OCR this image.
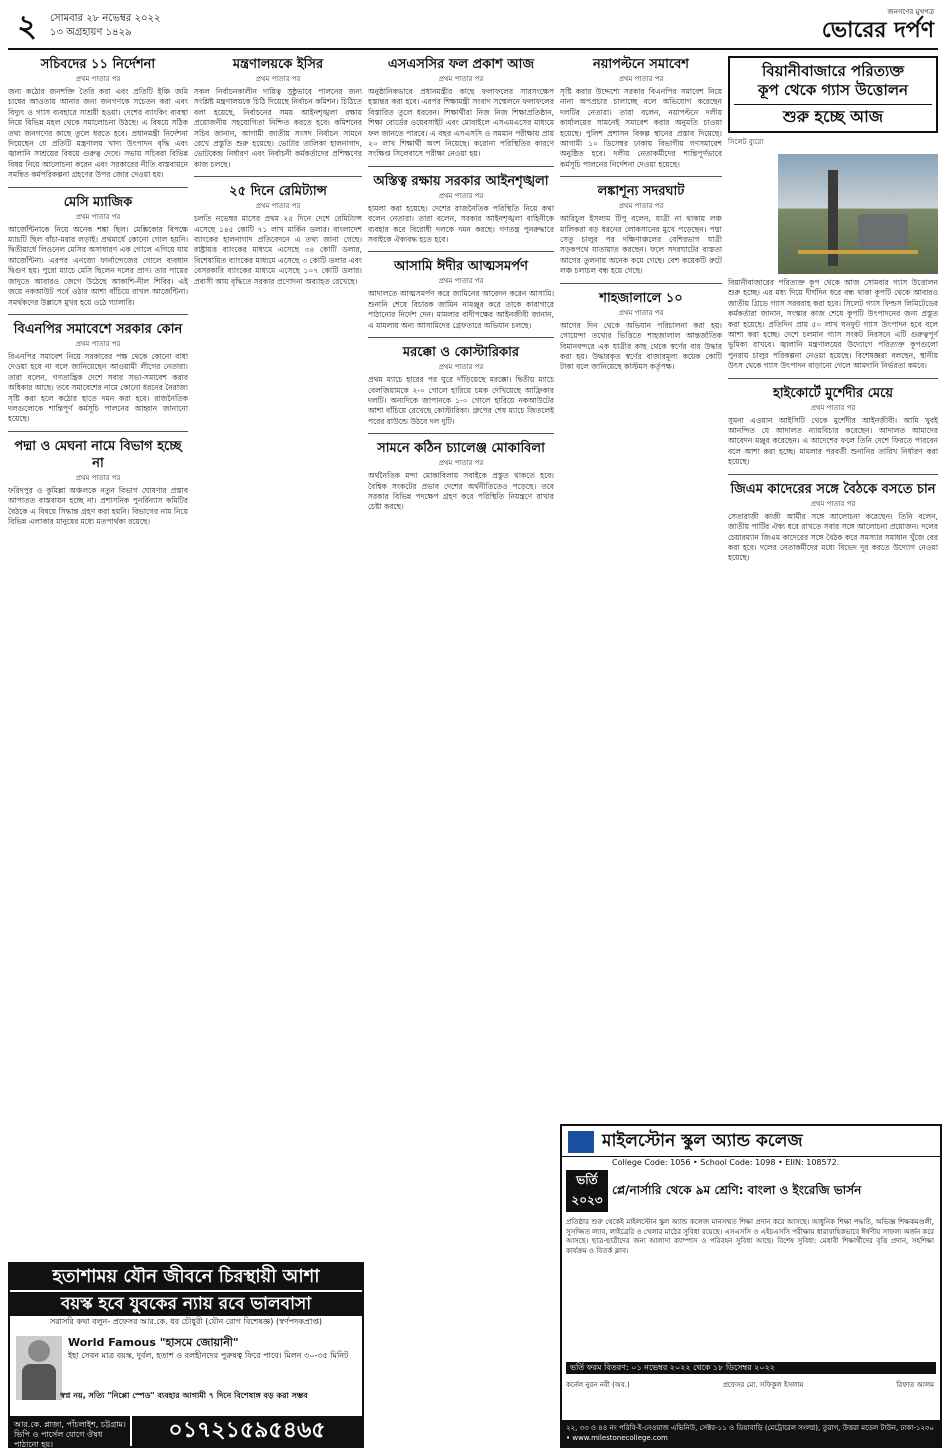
২	সোমবার ২৮ নভেম্বর ২০২২
১৩ অগ্রহায়ণ ১৪২৯
জনগণের মুখপত্র
ভোরের দর্পণ
সচিবদের ১১ নির্দেশনা
প্রথম পাতার পর

জন্য কঠোর জনশক্তি তৈরি করা এবং প্রতিটি ইঞ্চি জমি চাষের আওতায় আনার জন্য জনগণকে সচেতন করা এবং বিদ্যুৎ ও গ্যাস ব্যবহারে সাশ্রয়ী হওয়া। দেশের ব্যাংকিং ব্যবস্থা নিয়ে বিভিন্ন মহল থেকে সমালোচনা উঠছে। এ বিষয়ে সঠিক তথ্য জনগণের কাছে তুলে ধরতে হবে। প্রধানমন্ত্রী নির্দেশনা দিয়েছেন যে প্রতিটি মন্ত্রণালয় খাদ্য উৎপাদন বৃদ্ধি এবং জ্বালানি সাশ্রয়ের বিষয়ে গুরুত্ব দেবে। সভায় সচিবরা বিভিন্ন বিষয় নিয়ে আলোচনা করেন এবং সরকারের নীতি বাস্তবায়নে সমন্বিত কর্মপরিকল্পনা গ্রহণের উপর জোর দেওয়া হয়।

মেসি ম্যাজিক
প্রথম পাতার পর

আর্জেন্টিনাকে নিয়ে অনেক শঙ্কা ছিল। মেক্সিকোর বিপক্ষে ম্যাচটি ছিল বাঁচা-মরার লড়াই। প্রথমার্ধে কোনো গোল হয়নি। দ্বিতীয়ার্ধে লিওনেল মেসির অসাধারণ এক গোলে এগিয়ে যায় আর্জেন্টিনা। এরপর এনজো ফার্নান্দেজের গোলে ব্যবধান দ্বিগুণ হয়। পুরো ম্যাচে মেসি ছিলেন দলের প্রাণ। তার পায়ের জাদুতে আবারও জেগে উঠেছে আকাশি-নীল শিবির। এই জয়ে নকআউট পর্বে ওঠার আশা বাঁচিয়ে রাখল আর্জেন্টিনা। সমর্থকদের উল্লাসে মুখর হয়ে ওঠে গ্যালারি।

বিএনপির সমাবেশে সরকার কোন
প্রথম পাতার পর

বিএনপির সমাবেশ নিয়ে সরকারের পক্ষ থেকে কোনো বাধা দেওয়া হবে না বলে জানিয়েছেন আওয়ামী লীগের নেতারা। তারা বলেন, গণতান্ত্রিক দেশে সবার সভা-সমাবেশ করার অধিকার আছে। তবে সমাবেশের নামে কোনো ধরনের নৈরাজ্য সৃষ্টি করা হলে কঠোর হাতে দমন করা হবে। রাজনৈতিক দলগুলোকে শান্তিপূর্ণ কর্মসূচি পালনের আহ্বান জানানো হয়েছে।

পদ্মা ও মেঘনা নামে বিভাগ হচ্ছে না
প্রথম পাতার পর

ফরিদপুর ও কুমিল্লা অঞ্চলকে নতুন বিভাগ ঘোষণার প্রস্তাব আপাতত বাস্তবায়ন হচ্ছে না। প্রশাসনিক পুনর্বিন্যাস কমিটির বৈঠকে এ বিষয়ে সিদ্ধান্ত গ্রহণ করা হয়নি। বিভাগের নাম নিয়ে বিভিন্ন এলাকার মানুষের মধ্যে মতপার্থক্য রয়েছে।

মন্ত্রণালয়কে ইসির
প্রথম পাতার পর

সকল নির্বাচনকালীন দায়িত্ব সুষ্ঠুভাবে পালনের জন্য সংশ্লিষ্ট মন্ত্রণালয়কে চিঠি দিয়েছে নির্বাচন কমিশন। চিঠিতে বলা হয়েছে, নির্বাচনের সময় আইনশৃঙ্খলা রক্ষায় প্রয়োজনীয় সহযোগিতা নিশ্চিত করতে হবে। কমিশনের সচিব জানান, আগামী জাতীয় সংসদ নির্বাচন সামনে রেখে প্রস্তুতি শুরু হয়েছে। ভোটার তালিকা হালনাগাদ, ভোটকেন্দ্র নির্ধারণ এবং নির্বাচনী কর্মকর্তাদের প্রশিক্ষণের কাজ চলছে।

২৫ দিনে রেমিট্যান্স
প্রথম পাতার পর

চলতি নভেম্বর মাসের প্রথম ২৫ দিনে দেশে রেমিট্যান্স এসেছে ১৪৫ কোটি ৭১ লাখ মার্কিন ডলার। বাংলাদেশ ব্যাংকের হালনাগাদ প্রতিবেদনে এ তথ্য জানা গেছে। রাষ্ট্রায়ত্ত ব্যাংকের মাধ্যমে এসেছে ৩৪ কোটি ডলার, বিশেষায়িত ব্যাংকের মাধ্যমে এসেছে ৩ কোটি ডলার এবং বেসরকারি ব্যাংকের মাধ্যমে এসেছে ১০৭ কোটি ডলার। প্রবাসী আয় বৃদ্ধিতে সরকার প্রণোদনা অব্যাহত রেখেছে।

এসএসসির ফল প্রকাশ আজ
প্রথম পাতার পর

অনুষ্ঠানিকভাবে প্রধানমন্ত্রীর কাছে ফলাফলের সারসংক্ষেপ হস্তান্তর করা হবে। এরপর শিক্ষামন্ত্রী সংবাদ সম্মেলনে ফলাফলের বিস্তারিত তুলে ধরবেন। শিক্ষার্থীরা নিজ নিজ শিক্ষাপ্রতিষ্ঠান, শিক্ষা বোর্ডের ওয়েবসাইট এবং মোবাইলে এসএমএসের মাধ্যমে ফল জানতে পারবে। এ বছর এসএসসি ও সমমান পরীক্ষায় প্রায় ২০ লাখ শিক্ষার্থী অংশ নিয়েছে। করোনা পরিস্থিতির কারণে সংক্ষিপ্ত সিলেবাসে পরীক্ষা নেওয়া হয়।

অস্তিত্ব রক্ষায় সরকার আইনশৃঙ্খলা
প্রথম পাতার পর

হামলা করা হয়েছে। দেশের রাজনৈতিক পরিস্থিতি নিয়ে কথা বলেন নেতারা। তারা বলেন, সরকার আইনশৃঙ্খলা বাহিনীকে ব্যবহার করে বিরোধী দলকে দমন করছে। গণতন্ত্র পুনরুদ্ধারে সবাইকে ঐক্যবদ্ধ হতে হবে।

আসামি ঈদীর আত্মসমর্পণ
প্রথম পাতার পর

আদালতে আত্মসমর্পণ করে জামিনের আবেদন করেন আসামি। শুনানি শেষে বিচারক জামিন নামঞ্জুর করে তাকে কারাগারে পাঠানোর নির্দেশ দেন। মামলার বাদীপক্ষের আইনজীবী জানান, এ মামলায় অন্য আসামিদের গ্রেফতারে অভিযান চলছে।

মরক্কো ও কোস্টারিকার
প্রথম পাতার পর

প্রথম ম্যাচে হারের পর ঘুরে দাঁড়িয়েছে মরক্কো। দ্বিতীয় ম্যাচে বেলজিয়ামকে ২-০ গোলে হারিয়ে চমক দেখিয়েছে আফ্রিকার দলটি। অন্যদিকে জাপানকে ১-০ গোলে হারিয়ে নকআউটের আশা বাঁচিয়ে রেখেছে কোস্টারিকা। গ্রুপের শেষ ম্যাচে জিতলেই পরের রাউন্ডে উঠবে দল দুটি।

সামনে কঠিন চ্যালেঞ্জ মোকাবিলা
প্রথম পাতার পর

অর্থনৈতিক মন্দা মোকাবিলায় সবাইকে প্রস্তুত থাকতে হবে। বৈশ্বিক সংকটের প্রভাব দেশের অর্থনীতিতেও পড়েছে। তবে সরকার বিভিন্ন পদক্ষেপ গ্রহণ করে পরিস্থিতি নিয়ন্ত্রণে রাখার চেষ্টা করছে।

নয়াপল্টনে সমাবেশ
প্রথম পাতার পর

সৃষ্টি করার উদ্দেশ্যে সরকার বিএনপির সমাবেশ নিয়ে নানা অপপ্রচার চালাচ্ছে বলে অভিযোগ করেছেন দলটির নেতারা। তারা বলেন, নয়াপল্টনে দলীয় কার্যালয়ের সামনেই সমাবেশ করার অনুমতি চাওয়া হয়েছে। পুলিশ প্রশাসন বিকল্প স্থানের প্রস্তাব দিয়েছে। আগামী ১০ ডিসেম্বর ঢাকায় বিভাগীয় গণসমাবেশ অনুষ্ঠিত হবে। দলীয় নেতাকর্মীদের শান্তিপূর্ণভাবে কর্মসূচি পালনের নির্দেশনা দেওয়া হয়েছে।

লঙ্কাশূন্য সদরঘাট
প্রথম পাতার পর

আরিচুল ইসলাম টিপু বলেন, যাত্রী না থাকায় লঞ্চ মালিকরা বড় ধরনের লোকসানের মুখে পড়েছেন। পদ্মা সেতু চালুর পর দক্ষিণাঞ্চলের বেশিরভাগ যাত্রী সড়কপথে যাতায়াত করছেন। ফলে সদরঘাটের ব্যস্ততা আগের তুলনায় অনেক কমে গেছে। বেশ কয়েকটি রুটে লঞ্চ চলাচল বন্ধ হয়ে গেছে।

শাহজালালে ১০
প্রথম পাতার পর

আগের দিন থেকে অভিযান পরিচালনা করা হয়। গোয়েন্দা তথ্যের ভিত্তিতে শাহজালাল আন্তর্জাতিক বিমানবন্দরে এক যাত্রীর কাছ থেকে স্বর্ণের বার উদ্ধার করা হয়। উদ্ধারকৃত স্বর্ণের বাজারমূল্য কয়েক কোটি টাকা বলে জানিয়েছে কাস্টমস কর্তৃপক্ষ।

বিয়ানীবাজারে পরিত্যক্ত
কূপ থেকে গ্যাস উত্তোলন
শুরু হচ্ছে আজ
সিলেট ব্যুরো

বিয়ানীবাজারের পরিত্যক্ত কূপ থেকে আজ সোমবার গ্যাস উত্তোলন শুরু হচ্ছে। এর মধ্য দিয়ে দীর্ঘদিন ধরে বন্ধ থাকা কূপটি থেকে আবারও জাতীয় গ্রিডে গ্যাস সরবরাহ করা হবে। সিলেট গ্যাস ফিল্ডস লিমিটেডের কর্মকর্তারা জানান, সংস্কার কাজ শেষে কূপটি উৎপাদনের জন্য প্রস্তুত করা হয়েছে। প্রতিদিন প্রায় ৫০ লাখ ঘনফুট গ্যাস উৎপাদন হবে বলে আশা করা হচ্ছে। দেশে চলমান গ্যাস সংকট নিরসনে এটি গুরুত্বপূর্ণ ভূমিকা রাখবে। জ্বালানি মন্ত্রণালয়ের উদ্যোগে পরিত্যক্ত কূপগুলো পুনরায় চালুর পরিকল্পনা নেওয়া হয়েছে। বিশেষজ্ঞরা বলছেন, স্থানীয় উৎস থেকে গ্যাস উৎপাদন বাড়ানো গেলে আমদানি নির্ভরতা কমবে।

হাইকোর্টে মুর্শেদীর মেয়ে
প্রথম পাতার পর

সুমনা এওয়ান আইসিটি থেকে মুর্শেদীর আইনজীবী। আমি খুবই আনন্দিত যে আদালত ন্যায়বিচার করেছেন। আদালত আমাদের আবেদন মঞ্জুর করেছেন। এ আদেশের ফলে তিনি দেশে ফিরতে পারবেন বলে আশা করা হচ্ছে। মামলার পরবর্তী শুনানির তারিখ নির্ধারণ করা হয়েছে।

জিএম কাদেরের সঙ্গে বৈঠকে বসতে চান
প্রথম পাতার পর

সেতারাজী কাজী আর্মীর সঙ্গে আলোচনা করেছেন। তিনি বলেন, জাতীয় পার্টির ঐক্য ধরে রাখতে সবার সঙ্গে আলোচনা প্রয়োজন। দলের চেয়ারম্যান জিএম কাদেরের সঙ্গে বৈঠক করে সমস্যার সমাধান খুঁজে বের করা হবে। দলের নেতাকর্মীদের মধ্যে বিভেদ দূর করতে উদ্যোগ নেওয়া হয়েছে।

হতাশাময় যৌন জীবনে চিরস্থায়ী আশা
বয়স্ক হবে যুবকের ন্যায় রবে ভালবাসা
সরাসরি কথা বলুন- প্রফেসর আর.কে. ধর চৌধুরী (যৌন রোগ বিশেষজ্ঞ) (স্বর্ণপদকপ্রাপ্ত)
World Famous "হাসমে জোয়ানী"
ইহা সেবন মাত্র বয়স্ক, দুর্বল, হতাশ ও বলহীনদের পুরুষত্ব ফিরে পাবে। মিলন ৩০-৩৫ মিনিট
স্বপ্ন নয়, সত্যি "নিপ্পো স্পেড" ব্যবহার আগামী ৭ দিনে বিশেষাঙ্গ বড় করা সম্ভব
আর.কে. প্লাজা, পাঁচলাইশ, চট্টগ্রাম। ভিপি ও পার্সেল যোগে ঔষধ পাঠানো হয়।
০১৭২১৫৯৫৪৬৫
মাইলস্টোন স্কুল অ্যান্ড কলেজ
College Code: 1056 • School Code: 1098 • EIIN: 108572.
ভর্তি ২০২৩
প্লে/নার্সারি থেকে ৯ম শ্রেণি: বাংলা ও ইংরেজি ভার্সন
প্রতিষ্ঠার শুরু থেকেই মাইলস্টোন স্কুল অ্যান্ড কলেজ মানসম্মত শিক্ষা প্রদান করে আসছে। আধুনিক শিক্ষা পদ্ধতি, অভিজ্ঞ শিক্ষকমণ্ডলী, সুসজ্জিত ল্যাব, লাইব্রেরি ও খেলার মাঠের সুবিধা রয়েছে। এসএসসি ও এইচএসসি পরীক্ষায় ধারাবাহিকভাবে ঈর্ষণীয় সাফল্য অর্জন করে আসছে। ছাত্র-ছাত্রীদের জন্য আলাদা ক্যাম্পাস ও পরিবহন সুবিধা আছে। বিশেষ সুবিধা: মেধাবী শিক্ষার্থীদের বৃত্তি প্রদান, সহশিক্ষা কার্যক্রম ও বিতর্ক ক্লাব।
ভর্তি ফরম বিতরণ: ০১ নভেম্বর ২০২২ থেকে ১৮ ডিসেম্বর ২০২২
কর্নেল নুরন নবী (অব.)	প্রফেসর মো. সফিকুল ইসলাম	রিফাত আলম
২২, ৩৩ ও ৪৪ নং পরিবি-ই-নেওয়াজ এভিনিউ, সেক্টর-১১ ও ডিয়াবাড়ি (মেট্রোরেল সংলগ্ন), তুরাগ, উত্তরা মডেল টাউন, ঢাকা-১২৩০ • www.milestonecollege.com
